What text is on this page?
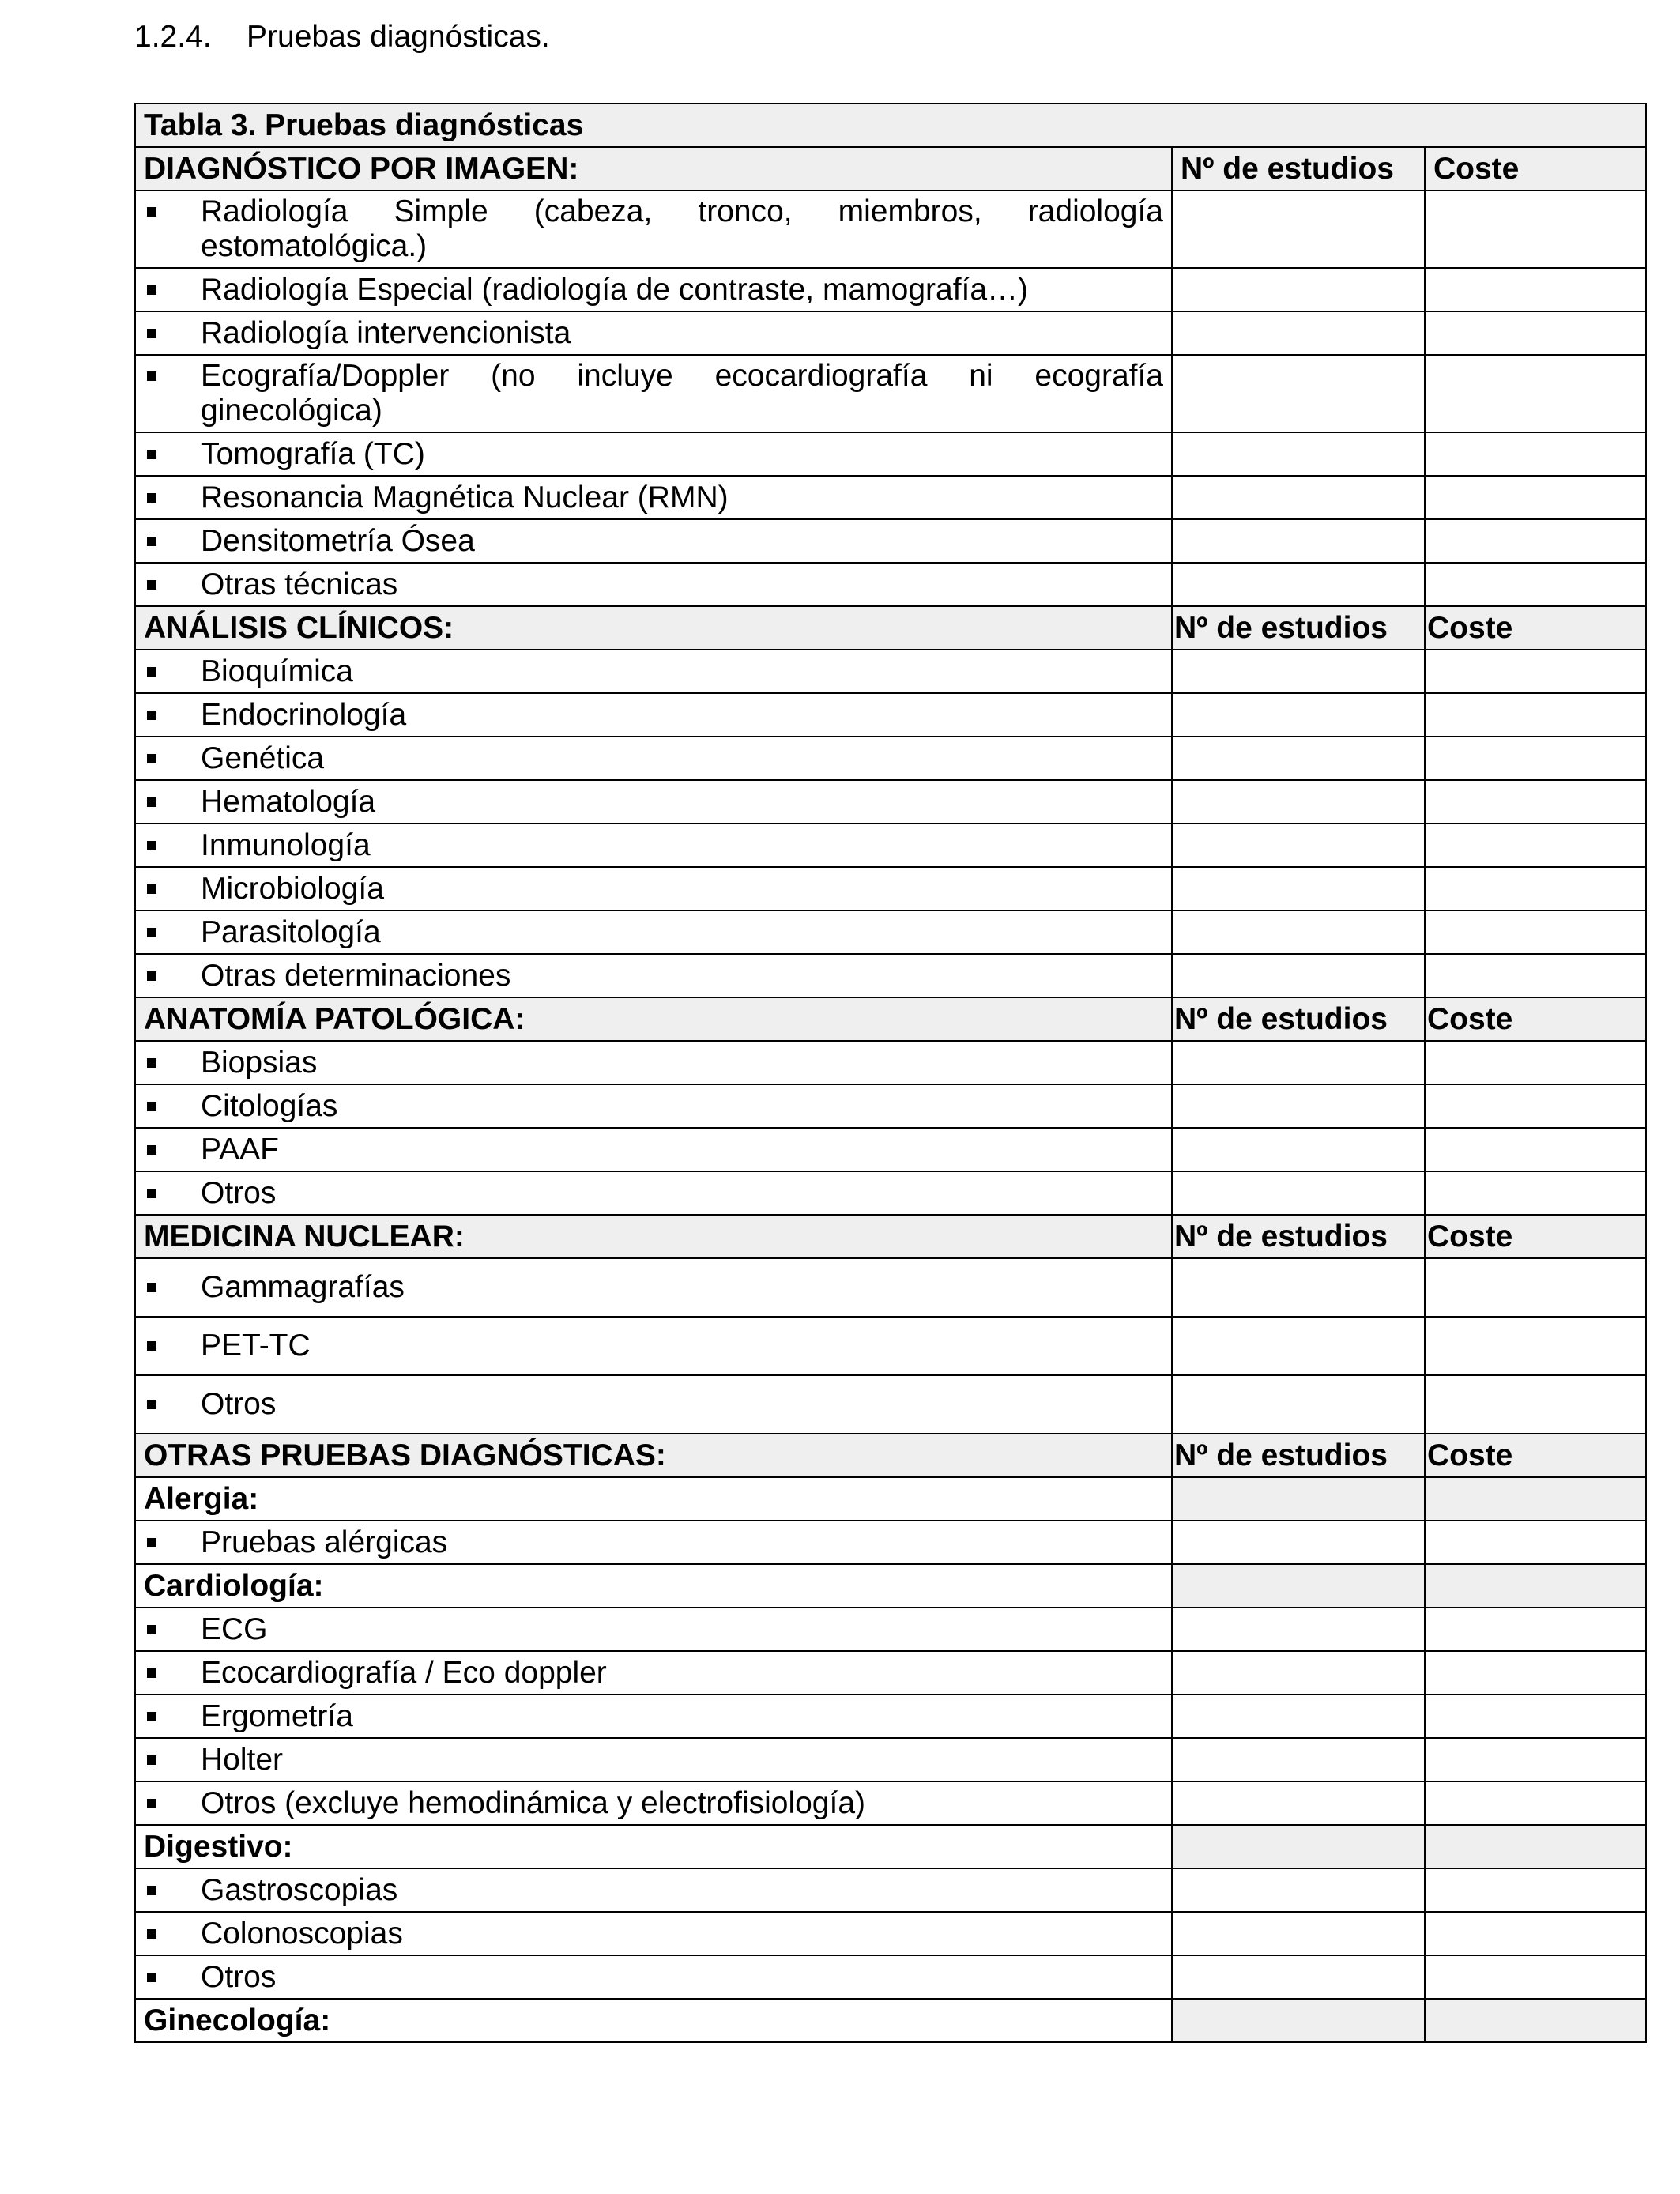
1.2.4. Pruebas diagnósticas.
Tabla 3. Pruebas diagnósticas		
DIAGNÓSTICO POR IMAGEN:	Nº de estudios	Coste

Radiología Simple (cabeza, tronco, miembros, radiología estomatológica.)		

Radiología Especial (radiología de contraste, mamografía…)		

Radiología intervencionista		

Ecografía/Doppler (no incluye ecocardiografía ni ecografía ginecológica)		

Tomografía (TC)		

Resonancia Magnética Nuclear (RMN)		

Densitometría Ósea		

Otras técnicas		

ANÁLISIS CLÍNICOS:	Nº de estudios	Coste

Bioquímica		

Endocrinología		

Genética		

Hematología		

Inmunología		

Microbiología		

Parasitología		

Otras determinaciones		

ANATOMÍA PATOLÓGICA:	Nº de estudios	Coste

Biopsias		

Citologías		

PAAF		

Otros		

MEDICINA NUCLEAR:	Nº de estudios	Coste

Gammagrafías		

PET-TC		

Otros		

OTRAS PRUEBAS DIAGNÓSTICAS:	Nº de estudios	Coste
Alergia:		

Pruebas alérgicas		

Cardiología:		

ECG		

Ecocardiografía / Eco doppler		

Ergometría		

Holter		

Otros (excluye hemodinámica y electrofisiología)		

Digestivo:		

Gastroscopias		

Colonoscopias		

Otros		

Ginecología:		
